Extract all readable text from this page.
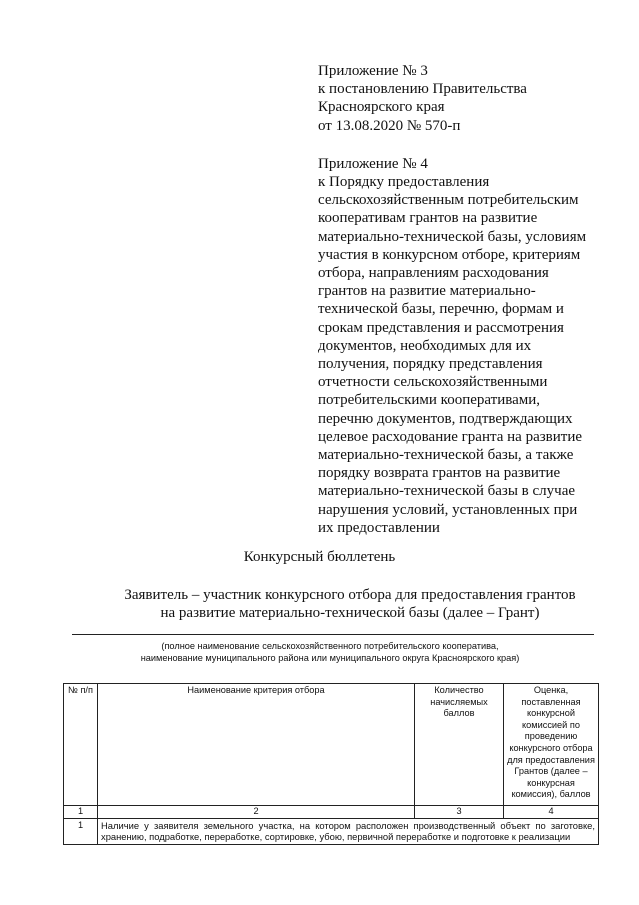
Приложение № 3
к постановлению Правительства
Красноярского края
от 13.08.2020 № 570-п
Приложение № 4
к Порядку предоставления
сельскохозяйственным потребительским
кооперативам грантов на развитие
материально-технической базы, условиям
участия в конкурсном отборе, критериям
отбора, направлениям расходования
грантов на развитие материально-
технической базы, перечню, формам и
срокам представления и рассмотрения
документов, необходимых для их
получения, порядку представления
отчетности сельскохозяйственными
потребительскими кооперативами,
перечню документов, подтверждающих
целевое расходование гранта на развитие
материально-технической базы, а также
порядку возврата грантов на развитие
материально-технической базы в случае
нарушения условий, установленных при
их предоставлении
Конкурсный бюллетень
Заявитель – участник конкурсного отбора для предоставления грантов
на развитие материально-технической базы (далее – Грант)
(полное наименование сельскохозяйственного потребительского кооператива,
наименование муниципального района или муниципального округа Красноярского края)
№ п/п	Наименование критерия отбора	Количество начисляемых баллов	Оценка, поставленная конкурсной комиссией по проведению конкурсного отбора для предоставления Грантов (далее – конкурсная комиссия), баллов
1	2	3	4
1	Наличие у заявителя земельного участка, на котором расположен производственный объект по заготовке, хранению, подработке, переработке, сортировке, убою, первичной переработке и подготовке к реализации		
